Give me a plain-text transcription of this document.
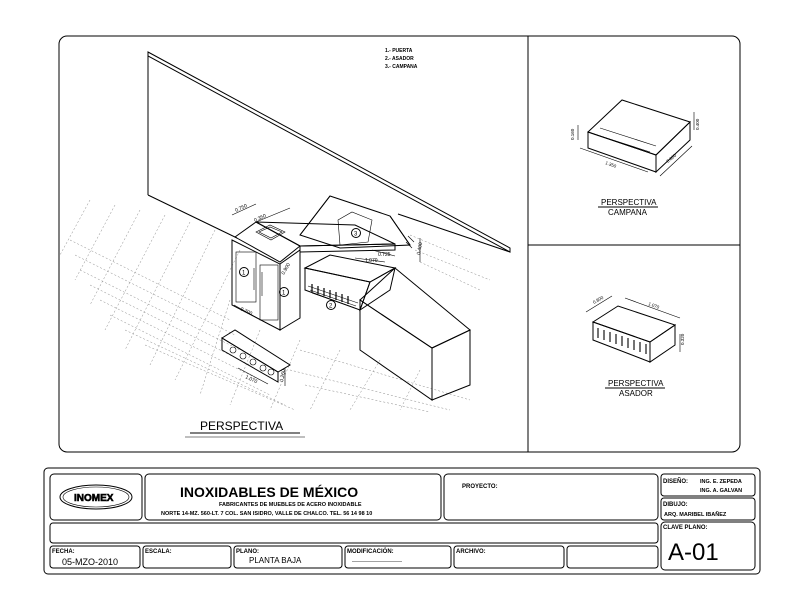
0.750
0.350
0.700
0.900
1.070
0.725	0.400
0.260
1.070
3
1
1
2
1.- PUERTA
2.- ASADOR
3.- CAMPANA
PERSPECTIVA
0.160
0.400
1.350
0.600
PERSPECTIVA
CAMPANA
0.800
1.070
0.320
PERSPECTIVA
ASADOR
INOMEX	INOXIDABLES DE MÉXICO
FABRICANTES DE MUEBLES DE ACERO INOXIDABLE
NORTE 14-MZ. 560-LT. 7 COL. SAN ISIDRO, VALLE DE CHALCO. TEL. 56 14 98 10
PROYECTO:
DISEÑO: ING. E. ZEPEDA
ING. A. GALVAN
DIBUJO:
ARQ. MARIBEL IBAÑEZ
CLAVE PLANO:
A-01
FECHA:
05-MZO-2010
ESCALA:	PLANO:
PLANTA BAJA
MODIFICACIÓN:
-------------------------
ARCHIVO:
